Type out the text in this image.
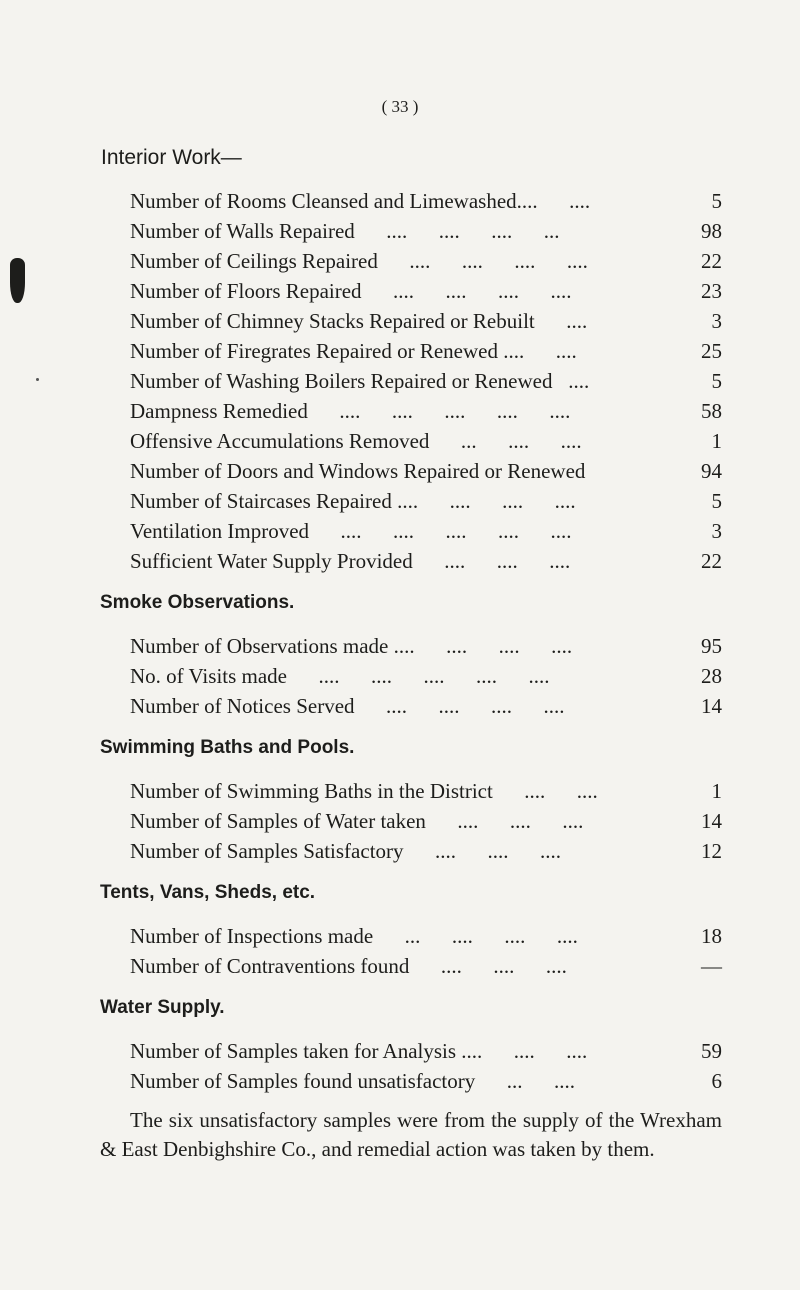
( 33 )
Interior Work—
Number of Rooms Cleansed and Limewashed....      ....	5
Number of Walls Repaired      ....      ....      ....      ...	98
Number of Ceilings Repaired      ....      ....      ....      ....	22
Number of Floors Repaired      ....      ....      ....      ....	23
Number of Chimney Stacks Repaired or Rebuilt      ....	3
Number of Firegrates Repaired or Renewed ....      ....	25
Number of Washing Boilers Repaired or Renewed   ....	5
Dampness Remedied      ....      ....      ....      ....      ....	58
Offensive Accumulations Removed      ...      ....      ....	1
Number of Doors and Windows Repaired or Renewed	94
Number of Staircases Repaired ....      ....      ....      ....	5
Ventilation Improved      ....      ....      ....      ....      ....	3
Sufficient Water Supply Provided      ....      ....      ....	22
Smoke Observations.
Number of Observations made ....      ....      ....      ....	95
No. of Visits made      ....      ....      ....      ....      ....	28
Number of Notices Served      ....      ....      ....      ....	14
Swimming Baths and Pools.
Number of Swimming Baths in the District      ....      ....	1
Number of Samples of Water taken      ....      ....      ....	14
Number of Samples Satisfactory      ....      ....      ....	12
Tents, Vans, Sheds, etc.
Number of Inspections made      ...      ....      ....      ....	18
Number of Contraventions found      ....      ....      ....	—
Water Supply.
Number of Samples taken for Analysis ....      ....      ....	59
Number of Samples found unsatisfactory      ...      ....	6
The six unsatisfactory samples were from the supply of the Wrexham & East Denbighshire Co., and remedial action was taken by them.
